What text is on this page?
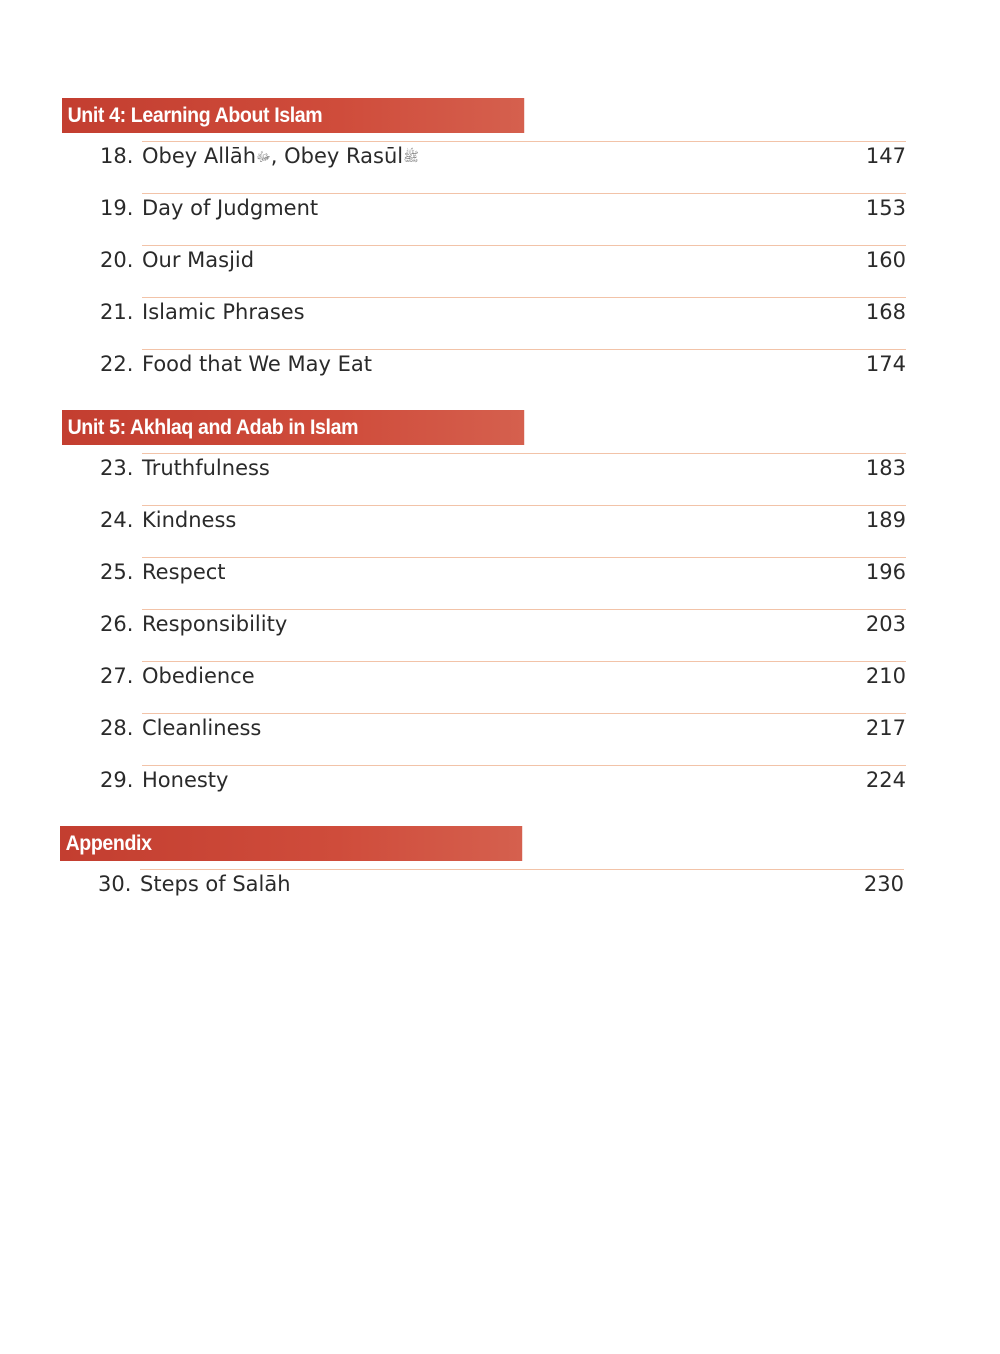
Unit 4: Learning About Islam
18. Obey Allāhﷻ, Obey Rasūlﷺ	147
19. Day of Judgment	153
20. Our Masjid	160
21. Islamic Phrases	168
22. Food that We May Eat	174
Unit 5: Akhlaq and Adab in Islam
23. Truthfulness	183
24. Kindness	189
25. Respect	196
26. Responsibility	203
27. Obedience	210
28. Cleanliness	217
29. Honesty	224
Appendix
30. Steps of Salāh	230
